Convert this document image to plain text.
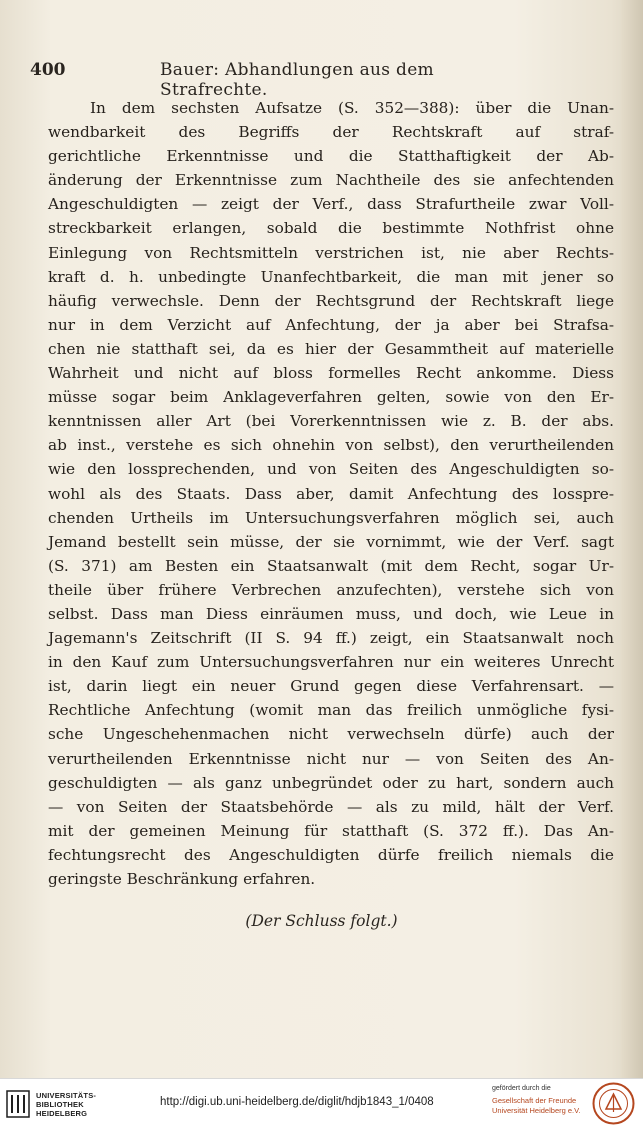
400	Bauer: Abhandlungen aus dem Strafrechte.
In dem sechsten Aufsatze (S. 352—388): über die Unan-
wendbarkeit des Begriffs der Rechtskraft auf straf-
gerichtliche Erkenntnisse und die Statthaftigkeit der Ab-
änderung der Erkenntnisse zum Nachtheile des sie anfechtenden
Angeschuldigten — zeigt der Verf., dass Strafurtheile zwar Voll-
streckbarkeit erlangen, sobald die bestimmte Nothfrist ohne
Einlegung von Rechtsmitteln verstrichen ist, nie aber Rechts-
kraft d. h. unbedingte Unanfechtbarkeit, die man mit jener so
häufig verwechsle. Denn der Rechtsgrund der Rechtskraft liege
nur in dem Verzicht auf Anfechtung, der ja aber bei Strafsa-
chen nie statthaft sei, da es hier der Gesammtheit auf materielle
Wahrheit und nicht auf bloss formelles Recht ankomme. Diess
müsse sogar beim Anklageverfahren gelten, sowie von den Er-
kenntnissen aller Art (bei Vorerkenntnissen wie z. B. der abs.
ab inst., verstehe es sich ohnehin von selbst), den verurtheilenden
wie den lossprechenden, und von Seiten des Angeschuldigten so-
wohl als des Staats. Dass aber, damit Anfechtung des lossprе-
chenden Urtheils im Untersuchungsverfahren möglich sei, auch
Jemand bestellt sein müsse, der sie vornimmt, wie der Verf. sagt
(S. 371) am Besten ein Staatsanwalt (mit dem Recht, sogar Ur-
theile über frühere Verbrechen anzufechten), verstehe sich von
selbst. Dass man Diess einräumen muss, und doch, wie Leue in
Jagemann's Zeitschrift (II S. 94 ff.) zeigt, ein Staatsanwalt noch
in den Kauf zum Untersuchungsverfahren nur ein weiteres Unrecht
ist, darin liegt ein neuer Grund gegen diese Verfahrensart. —
Rechtliche Anfechtung (womit man das freilich unmögliche fysi-
sche Ungeschehenmachen nicht verwechseln dürfe) auch der
verurtheilenden Erkenntnisse nicht nur — von Seiten des An-
geschuldigten — als ganz unbegründet oder zu hart, sondern auch
— von Seiten der Staatsbehörde — als zu mild, hält der Verf.
mit der gemeinen Meinung für statthaft (S. 372 ff.). Das An-
fechtungsrecht des Angeschuldigten dürfe freilich niemals die
geringste Beschränkung erfahren.
(Der Schluss folgt.)
UNIVERSITÄTS-
BIBLIOTHEK
HEIDELBERG
http://digi.ub.uni-heidelberg.de/diglit/hdjb1843_1/0408
gefördert durch die
Gesellschaft der Freunde
Universität Heidelberg e.V.
